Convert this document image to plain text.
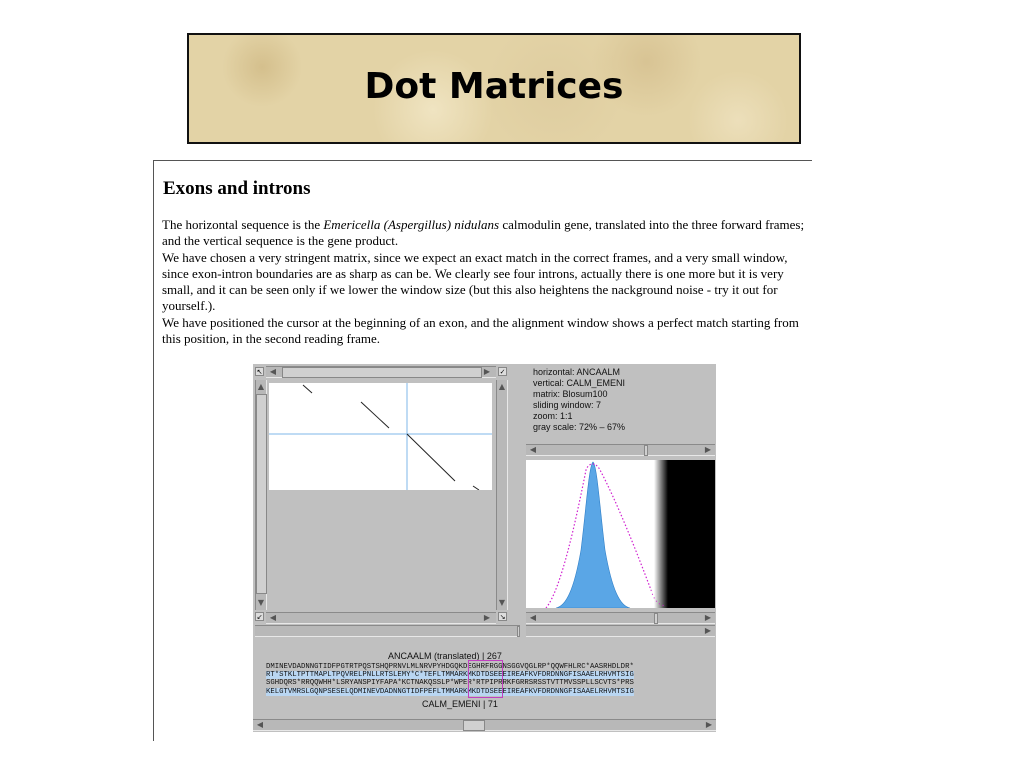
Dot Matrices
Exons and introns

The horizontal sequence is the Emericella (Aspergillus) nidulans calmodulin gene, translated into the three forward frames; and the vertical sequence is the gene product.

We have chosen a very stringent matrix, since we expect an exact match in the correct frames, and a very small window, since exon-intron boundaries are as sharp as can be. We clearly see four introns, actually there is one more but it is very small, and it can be seen only if we lower the window size (but this also heightens the nackground noise - try it out for yourself.).

We have positioned the cursor at the beginning of an exon, and the alignment window shows a perfect match starting from this position, in the second reading frame.

↖ ◀	▶ ✓
▲
▼
▲
▼
↙ ◀	▶ ↘
horizontal: ANCAALM
vertical: CALM_EMENI
matrix: Blosum100
sliding window: 7
zoom: 1:1
gray scale: 72% – 67%
◀	▶
◀	▶
▶
ANCAALM (translated) | 267
DMINEVDADNNGTIDFPGTRTPQSTSHQPRNVLMLNRVPYHDGQKDEGHRFRGGNSGGVQGLRP*QQWFHLRC*AASRHDLDR*
RT*STKLTPTTMAPLTPQVRELPNLLRTSLEMY*C*TEFLTMMARKMKDTDSEEEIREAFKVFDRDNNGFISAAELRHVMTSIG
SGHDQRS*RRQQWHH*LSRYANSPIYFAPA*KCTNAKQSSLP*WPER*RTPIPRRKFGRRSRSSTVTTMVSSPLLSCVTS*PRS
KELGTVMRSLGQNPSESELQDMINEVDADNNGTIDFPEFLTMMARKMKDTDSEEEIREAFKVFDRDNNGFISAAELRHVMTSIG
CALM_EMENI | 71
◀	▶
